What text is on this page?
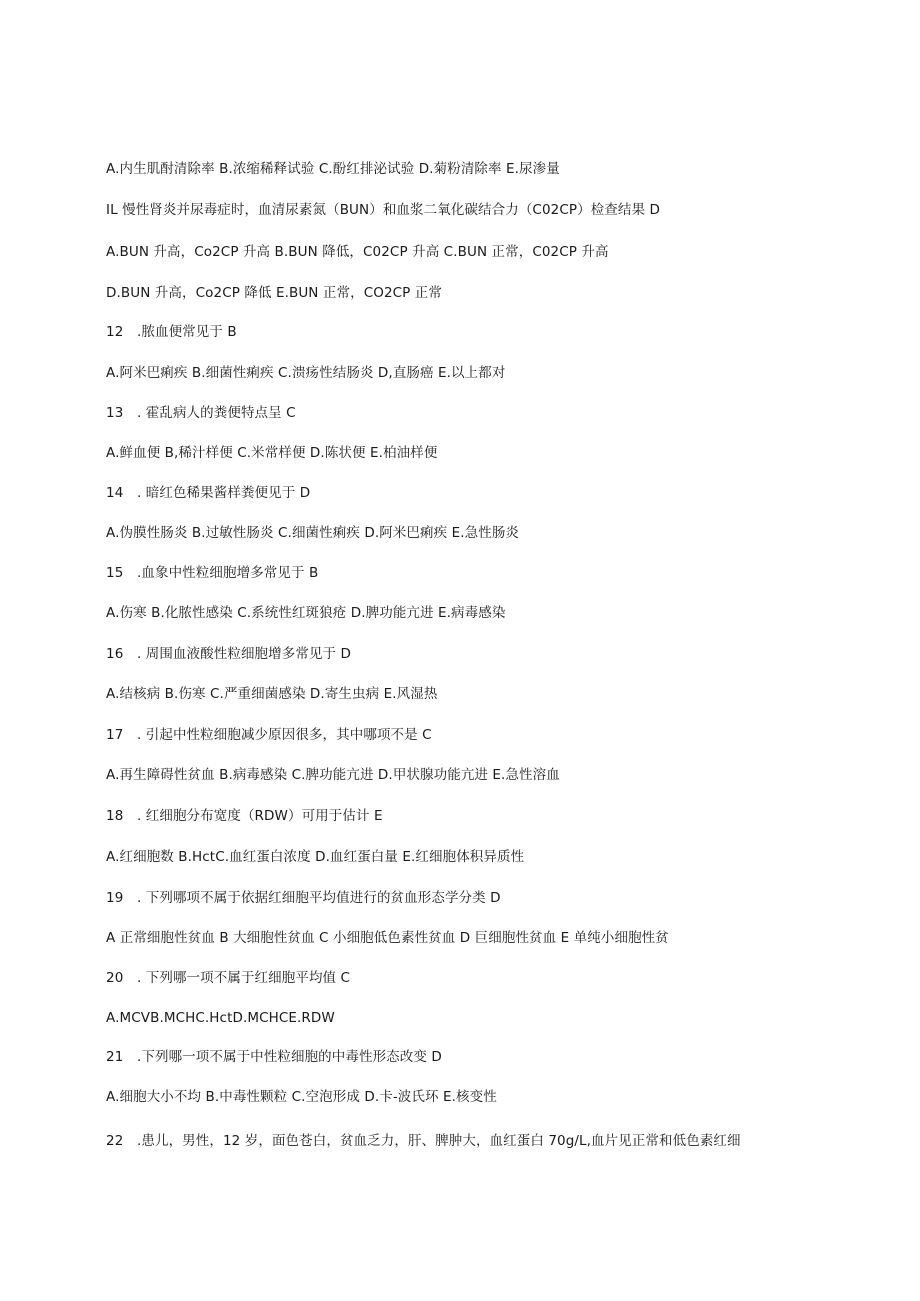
A.内生肌酎清除率 B.浓缩稀释试验 C.酚红排泌试验 D.菊粉清除率 E.尿渗量
IL 慢性肾炎并尿毒症时，血清尿素氮（BUN）和血浆二氧化碳结合力（C02CP）检查结果 D
A.BUN 升高，Co2CP 升高 B.BUN 降低，C02CP 升高 C.BUN 正常，C02CP 升高
D.BUN 升高，Co2CP 降低 E.BUN 正常，CO2CP 正常
12　.脓血便常见于 B
A.阿米巴痢疾 B.细菌性痢疾 C.溃疡性结肠炎 D,直肠癌 E.以上都对
13　. 霍乱病人的粪便特点呈 C
A.鲜血便 B,稀汁样便 C.米常样便 D.陈状便 E.柏油样便
14　. 暗红色稀果酱样粪便见于 D
A.伪膜性肠炎 B.过敏性肠炎 C.细菌性痢疾 D.阿米巴痢疾 E.急性肠炎
15　.血象中性粒细胞增多常见于 B
A.伤寒 B.化脓性感染 C.系统性红斑狼疮 D.脾功能亢进 E.病毒感染
16　. 周围血液酸性粒细胞增多常见于 D
A.结核病 B.伤寒 C.严重细菌感染 D.寄生虫病 E.风湿热
17　. 引起中性粒细胞减少原因很多，其中哪项不是 C
A.再生障碍性贫血 B.病毒感染 C.脾功能亢进 D.甲状腺功能亢进 E.急性溶血
18　. 红细胞分布宽度（RDW）可用于估计 E
A.红细胞数 B.HctC.血红蛋白浓度 D.血红蛋白量 E.红细胞体积异质性
19　. 下列哪项不属于依据红细胞平均值进行的贫血形态学分类 D
A 正常细胞性贫血 B 大细胞性贫血 C 小细胞低色素性贫血 D 巨细胞性贫血 E 单纯小细胞性贫
20　. 下列哪一项不属于红细胞平均值 C
A.MCVB.MCHC.HctD.MCHCE.RDW
21　.下列哪一项不属于中性粒细胞的中毒性形态改变 D
A.细胞大小不均 B.中毒性颗粒 C.空泡形成 D.卡-波氏环 E.核变性
22　.患儿，男性，12 岁，面色苍白，贫血乏力，肝、脾肿大，血红蛋白 70g/L,血片见正常和低色素红细
